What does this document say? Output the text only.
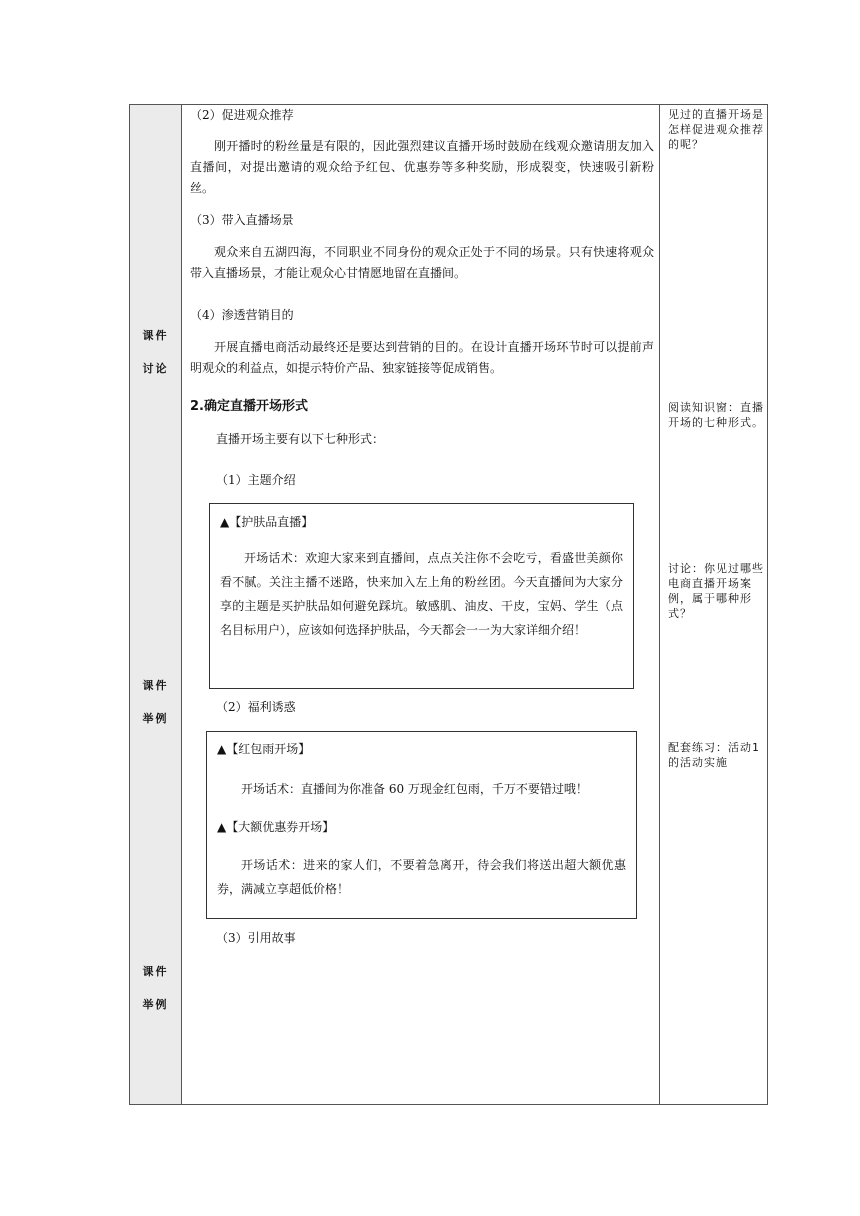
课件
讨论
课件
举例
课件
举例
（2）促进观众推荐
刚开播时的粉丝量是有限的，因此强烈建议直播开场时鼓励在线观众邀请朋友加入直播间，对提出邀请的观众给予红包、优惠券等多种奖励，形成裂变，快速吸引新粉丝。
（3）带入直播场景
观众来自五湖四海，不同职业不同身份的观众正处于不同的场景。只有快速将观众带入直播场景，才能让观众心甘情愿地留在直播间。
（4）渗透营销目的
开展直播电商活动最终还是要达到营销的目的。在设计直播开场环节时可以提前声明观众的利益点，如提示特价产品、独家链接等促成销售。
2.确定直播开场形式
直播开场主要有以下七种形式：
（1）主题介绍
▲【护肤品直播】
开场话术：欢迎大家来到直播间，点点关注你不会吃亏，看盛世美颜你看不腻。关注主播不迷路，快来加入左上角的粉丝团。今天直播间为大家分享的主题是买护肤品如何避免踩坑。敏感肌、油皮、干皮，宝妈、学生（点名目标用户），应该如何选择护肤品，今天都会一一为大家详细介绍！
（2）福利诱惑
▲【红包雨开场】
开场话术：直播间为你准备 60 万现金红包雨，千万不要错过哦！
▲【大额优惠券开场】
开场话术：进来的家人们，不要着急离开，待会我们将送出超大额优惠券，满减立享超低价格！
（3）引用故事
见过的直播开场是怎样促进观众推荐的呢？
阅读知识窗：直播开场的七种形式。
讨论：你见过哪些电商直播开场案例，属于哪种形式？
配套练习：活动1的活动实施
